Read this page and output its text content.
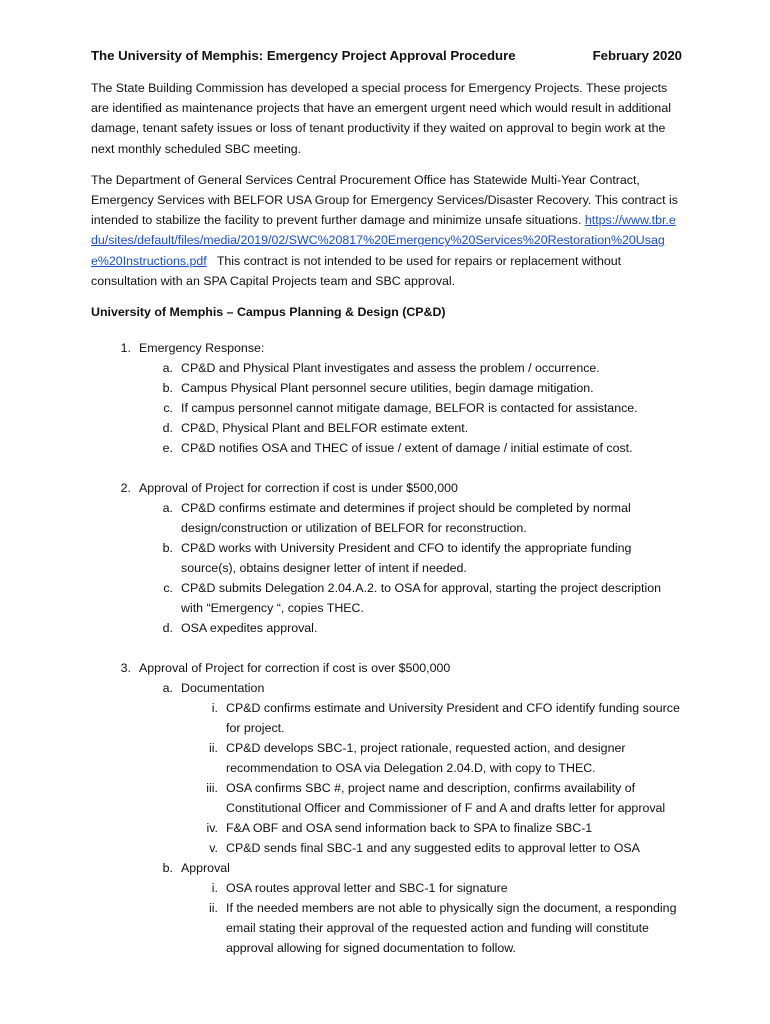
The University of Memphis: Emergency Project Approval Procedure	February 2020

The State Building Commission has developed a special process for Emergency Projects. These projects are identified as maintenance projects that have an emergent urgent need which would result in additional damage, tenant safety issues or loss of tenant productivity if they waited on approval to begin work at the next monthly scheduled SBC meeting.

The Department of General Services Central Procurement Office has Statewide Multi-Year Contract, Emergency Services with BELFOR USA Group for Emergency Services/Disaster Recovery. This contract is intended to stabilize the facility to prevent further damage and minimize unsafe situations. https://www.tbr.edu/sites/default/files/media/2019/02/SWC%20817%20Emergency%20Services%20Restoration%20Usage%20Instructions.pdf   This contract is not intended to be used for repairs or replacement without consultation with an SPA Capital Projects team and SBC approval.

University of Memphis – Campus Planning & Design (CP&D)
1. Emergency Response:
a. CP&D and Physical Plant investigates and assess the problem / occurrence.
b. Campus Physical Plant personnel secure utilities, begin damage mitigation.
c. If campus personnel cannot mitigate damage, BELFOR is contacted for assistance.
d. CP&D, Physical Plant and BELFOR estimate extent.
e. CP&D notifies OSA and THEC of issue / extent of damage / initial estimate of cost.
2. Approval of Project for correction if cost is under $500,000
a. CP&D confirms estimate and determines if project should be completed by normal design/construction or utilization of BELFOR for reconstruction.
b. CP&D works with University President and CFO to identify the appropriate funding source(s), obtains designer letter of intent if needed.
c. CP&D submits Delegation 2.04.A.2. to OSA for approval, starting the project description with “Emergency “, copies THEC.
d. OSA expedites approval.
3. Approval of Project for correction if cost is over $500,000
a. Documentation
i. CP&D confirms estimate and University President and CFO identify funding source for project.
ii. CP&D develops SBC-1, project rationale, requested action, and designer recommendation to OSA via Delegation 2.04.D, with copy to THEC.
iii. OSA confirms SBC #, project name and description, confirms availability of Constitutional Officer and Commissioner of F and A and drafts letter for approval
iv. F&A OBF and OSA send information back to SPA to finalize SBC-1
v. CP&D sends final SBC-1 and any suggested edits to approval letter to OSA
b. Approval
i. OSA routes approval letter and SBC-1 for signature
ii. If the needed members are not able to physically sign the document, a responding email stating their approval of the requested action and funding will constitute approval allowing for signed documentation to follow.
